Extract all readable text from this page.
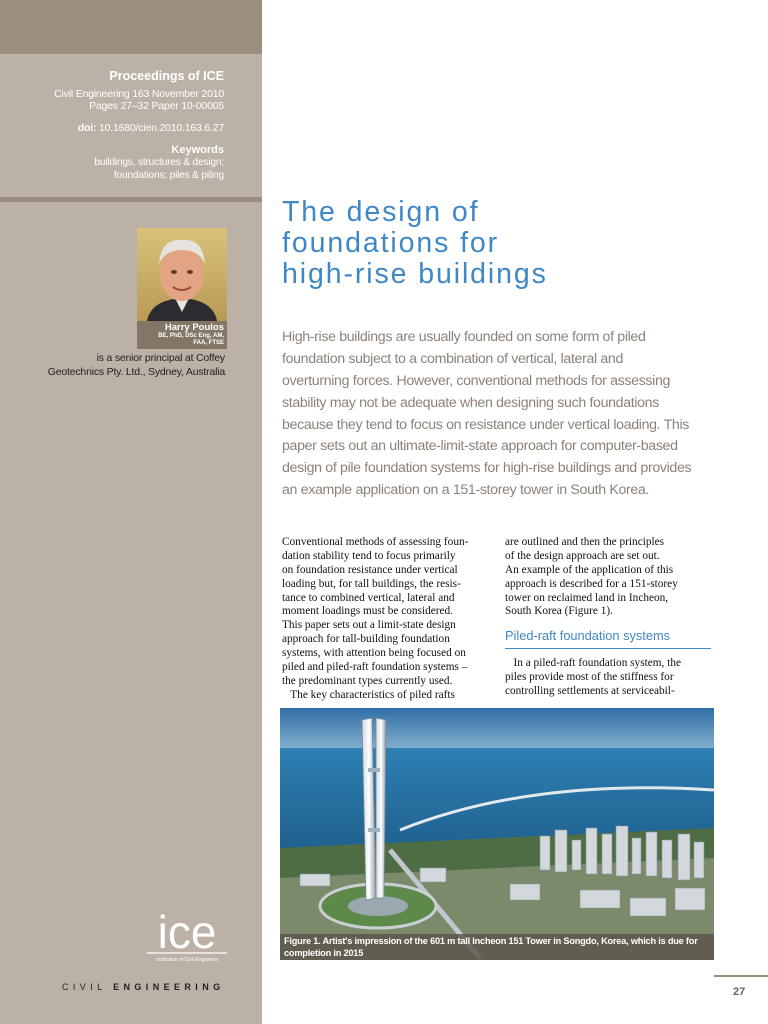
Proceedings of ICE
Civil Engineering 163 November 2010
Pages 27–32 Paper 10-00005
doi: 10.1680/cien.2010.163.6.27
Keywords
buildings, structures & design;
foundations; piles & piling
Harry Poulos
BE, PhD, DSc Eng, AM,
FAA, FTSE
is a senior principal at Coffey
Geotechnics Pty. Ltd., Sydney, Australia
ice
Institution of Civil Engineers
CIVIL ENGINEERING
The design of
foundations for
high-rise buildings
High-rise buildings are usually founded on some form of piled
foundation subject to a combination of vertical, lateral and
overturning forces. However, conventional methods for assessing
stability may not be adequate when designing such foundations
because they tend to focus on resistance under vertical loading. This
paper sets out an ultimate-limit-state approach for computer-based
design of pile foundation systems for high-rise buildings and provides
an example application on a 151-storey tower in South Korea.
Conventional methods of assessing foun-
dation stability tend to focus primarily
on foundation resistance under vertical
loading but, for tall buildings, the resis-
tance to combined vertical, lateral and
moment loadings must be considered.
This paper sets out a limit-state design
approach for tall-building foundation
systems, with attention being focused on
piled and piled-raft foundation systems –
the predominant types currently used.
The key characteristics of piled rafts
are outlined and then the principles
of the design approach are set out.
An example of the application of this
approach is described for a 151-storey
tower on reclaimed land in Incheon,
South Korea (Figure 1).
Piled-raft foundation systems
In a piled-raft foundation system, the
piles provide most of the stiffness for
controlling settlements at serviceabil-
Figure 1. Artist's impression of the 601 m tall Incheon 151 Tower in Songdo, Korea, which is due for
completion in 2015
27
